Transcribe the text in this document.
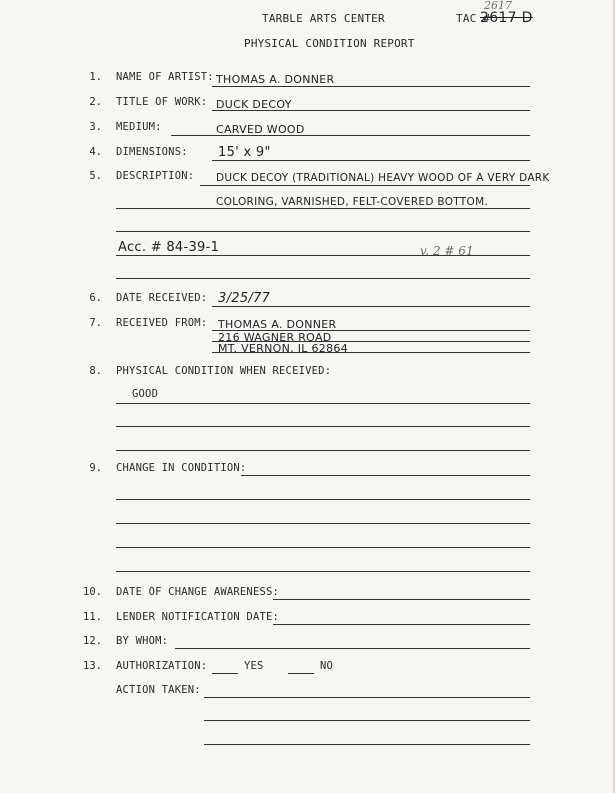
TARBLE ARTS CENTER
PHYSICAL CONDITION REPORT
TAC #
2617
2617 D
1. NAME OF ARTIST: THOMAS A. DONNER
2. TITLE OF WORK: DUCK DECOY
3. MEDIUM:	CARVED WOOD
4. DIMENSIONS: 15' x 9"
5. DESCRIPTION: DUCK DECOY (TRADITIONAL) HEAVY WOOD OF A VERY DARK
COLORING, VARNISHED, FELT-COVERED BOTTOM.
Acc. # 84-39-1	v. 2 # 61
6. DATE RECEIVED: 3/25/77
7. RECEIVED FROM: THOMAS A. DONNER
216 WAGNER ROAD
MT. VERNON, IL 62864
8. PHYSICAL CONDITION WHEN RECEIVED:
GOOD
9. CHANGE IN CONDITION:
10. DATE OF CHANGE AWARENESS:
11. LENDER NOTIFICATION DATE:
12. BY WHOM:
13. AUTHORIZATION:	YES	NO
ACTION TAKEN:
